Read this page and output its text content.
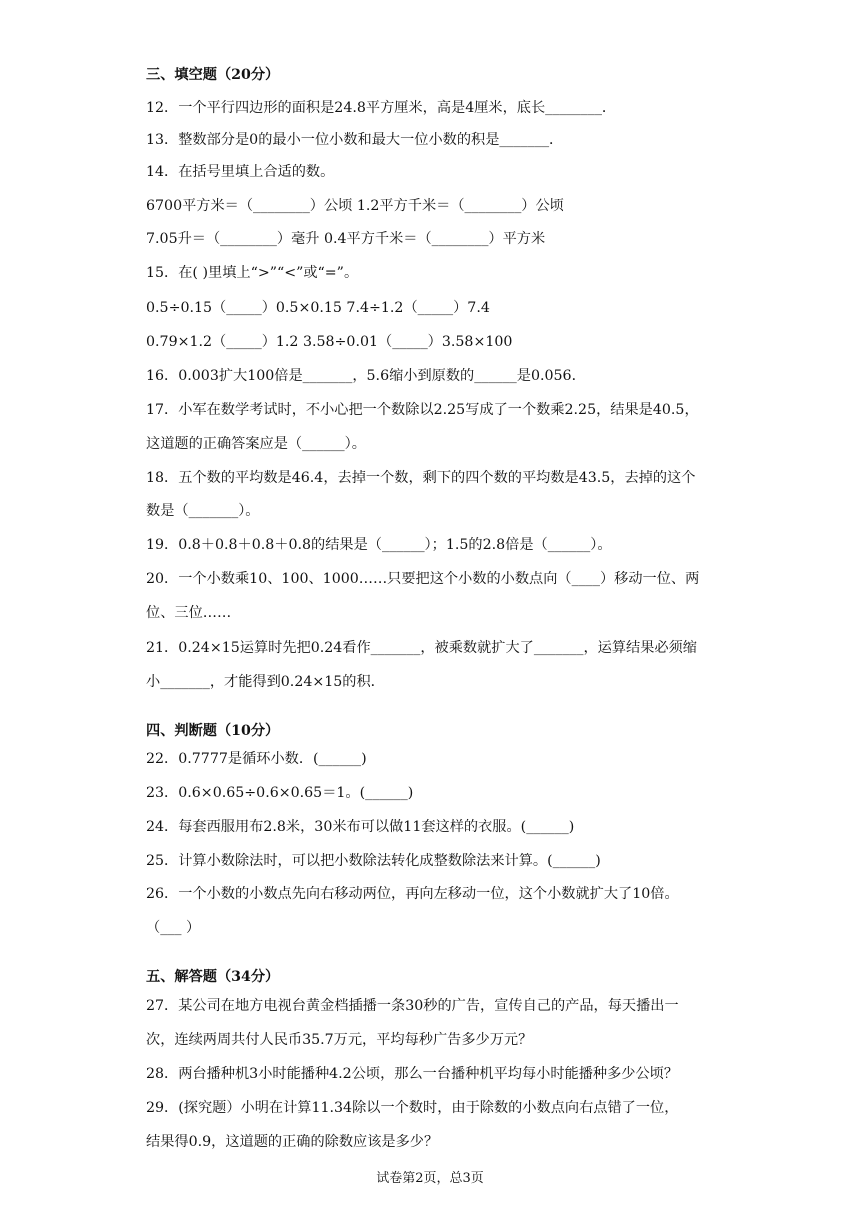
三、填空题（20分）
12．一个平行四边形的面积是24.8平方厘米，高是4厘米，底长________．
13．整数部分是0的最小一位小数和最大一位小数的积是_______．
14．在括号里填上合适的数。
6700平方米＝（________）公顷 1.2平方千米＝（________）公顷
7.05升＝（________）毫升 0.4平方千米＝（________）平方米
15．在( )里填上“>”“<”或“=”。
0.5÷0.15（_____）0.5×0.15 7.4÷1.2（_____）7.4
0.79×1.2（_____）1.2 3.58÷0.01（_____）3.58×100
16．0.003扩大100倍是_______，5.6缩小到原数的______是0.056．
17．小军在数学考试时，不小心把一个数除以2.25写成了一个数乘2.25，结果是40.5，
这道题的正确答案应是（______）。
18．五个数的平均数是46.4，去掉一个数，剩下的四个数的平均数是43.5，去掉的这个
数是（_______）。
19．0.8＋0.8＋0.8＋0.8的结果是（______）；1.5的2.8倍是（______）。
20．一个小数乘10、100、1000……只要把这个小数的小数点向（____）移动一位、两
位、三位……
21．0.24×15运算时先把0.24看作_______，被乘数就扩大了_______，运算结果必须缩
小_______，才能得到0.24×15的积．
四、判断题（10分）
22．0.7777是循环小数．(______)
23．0.6×0.65÷0.6×0.65＝1。(______)
24．每套西服用布2.8米，30米布可以做11套这样的衣服。(______)
25．计算小数除法时，可以把小数除法转化成整数除法来计算。(______)
26．一个小数的小数点先向右移动两位，再向左移动一位，这个小数就扩大了10倍。
（___ ）
五、解答题（34分）
27．某公司在地方电视台黄金档插播一条30秒的广告，宣传自己的产品，每天播出一
次，连续两周共付人民币35.7万元，平均每秒广告多少万元？
28．两台播种机3小时能播种4.2公顷，那么一台播种机平均每小时能播种多少公顷？
29．(探究题）小明在计算11.34除以一个数时，由于除数的小数点向右点错了一位，
结果得0.9，这道题的正确的除数应该是多少？
试卷第2页，总3页
